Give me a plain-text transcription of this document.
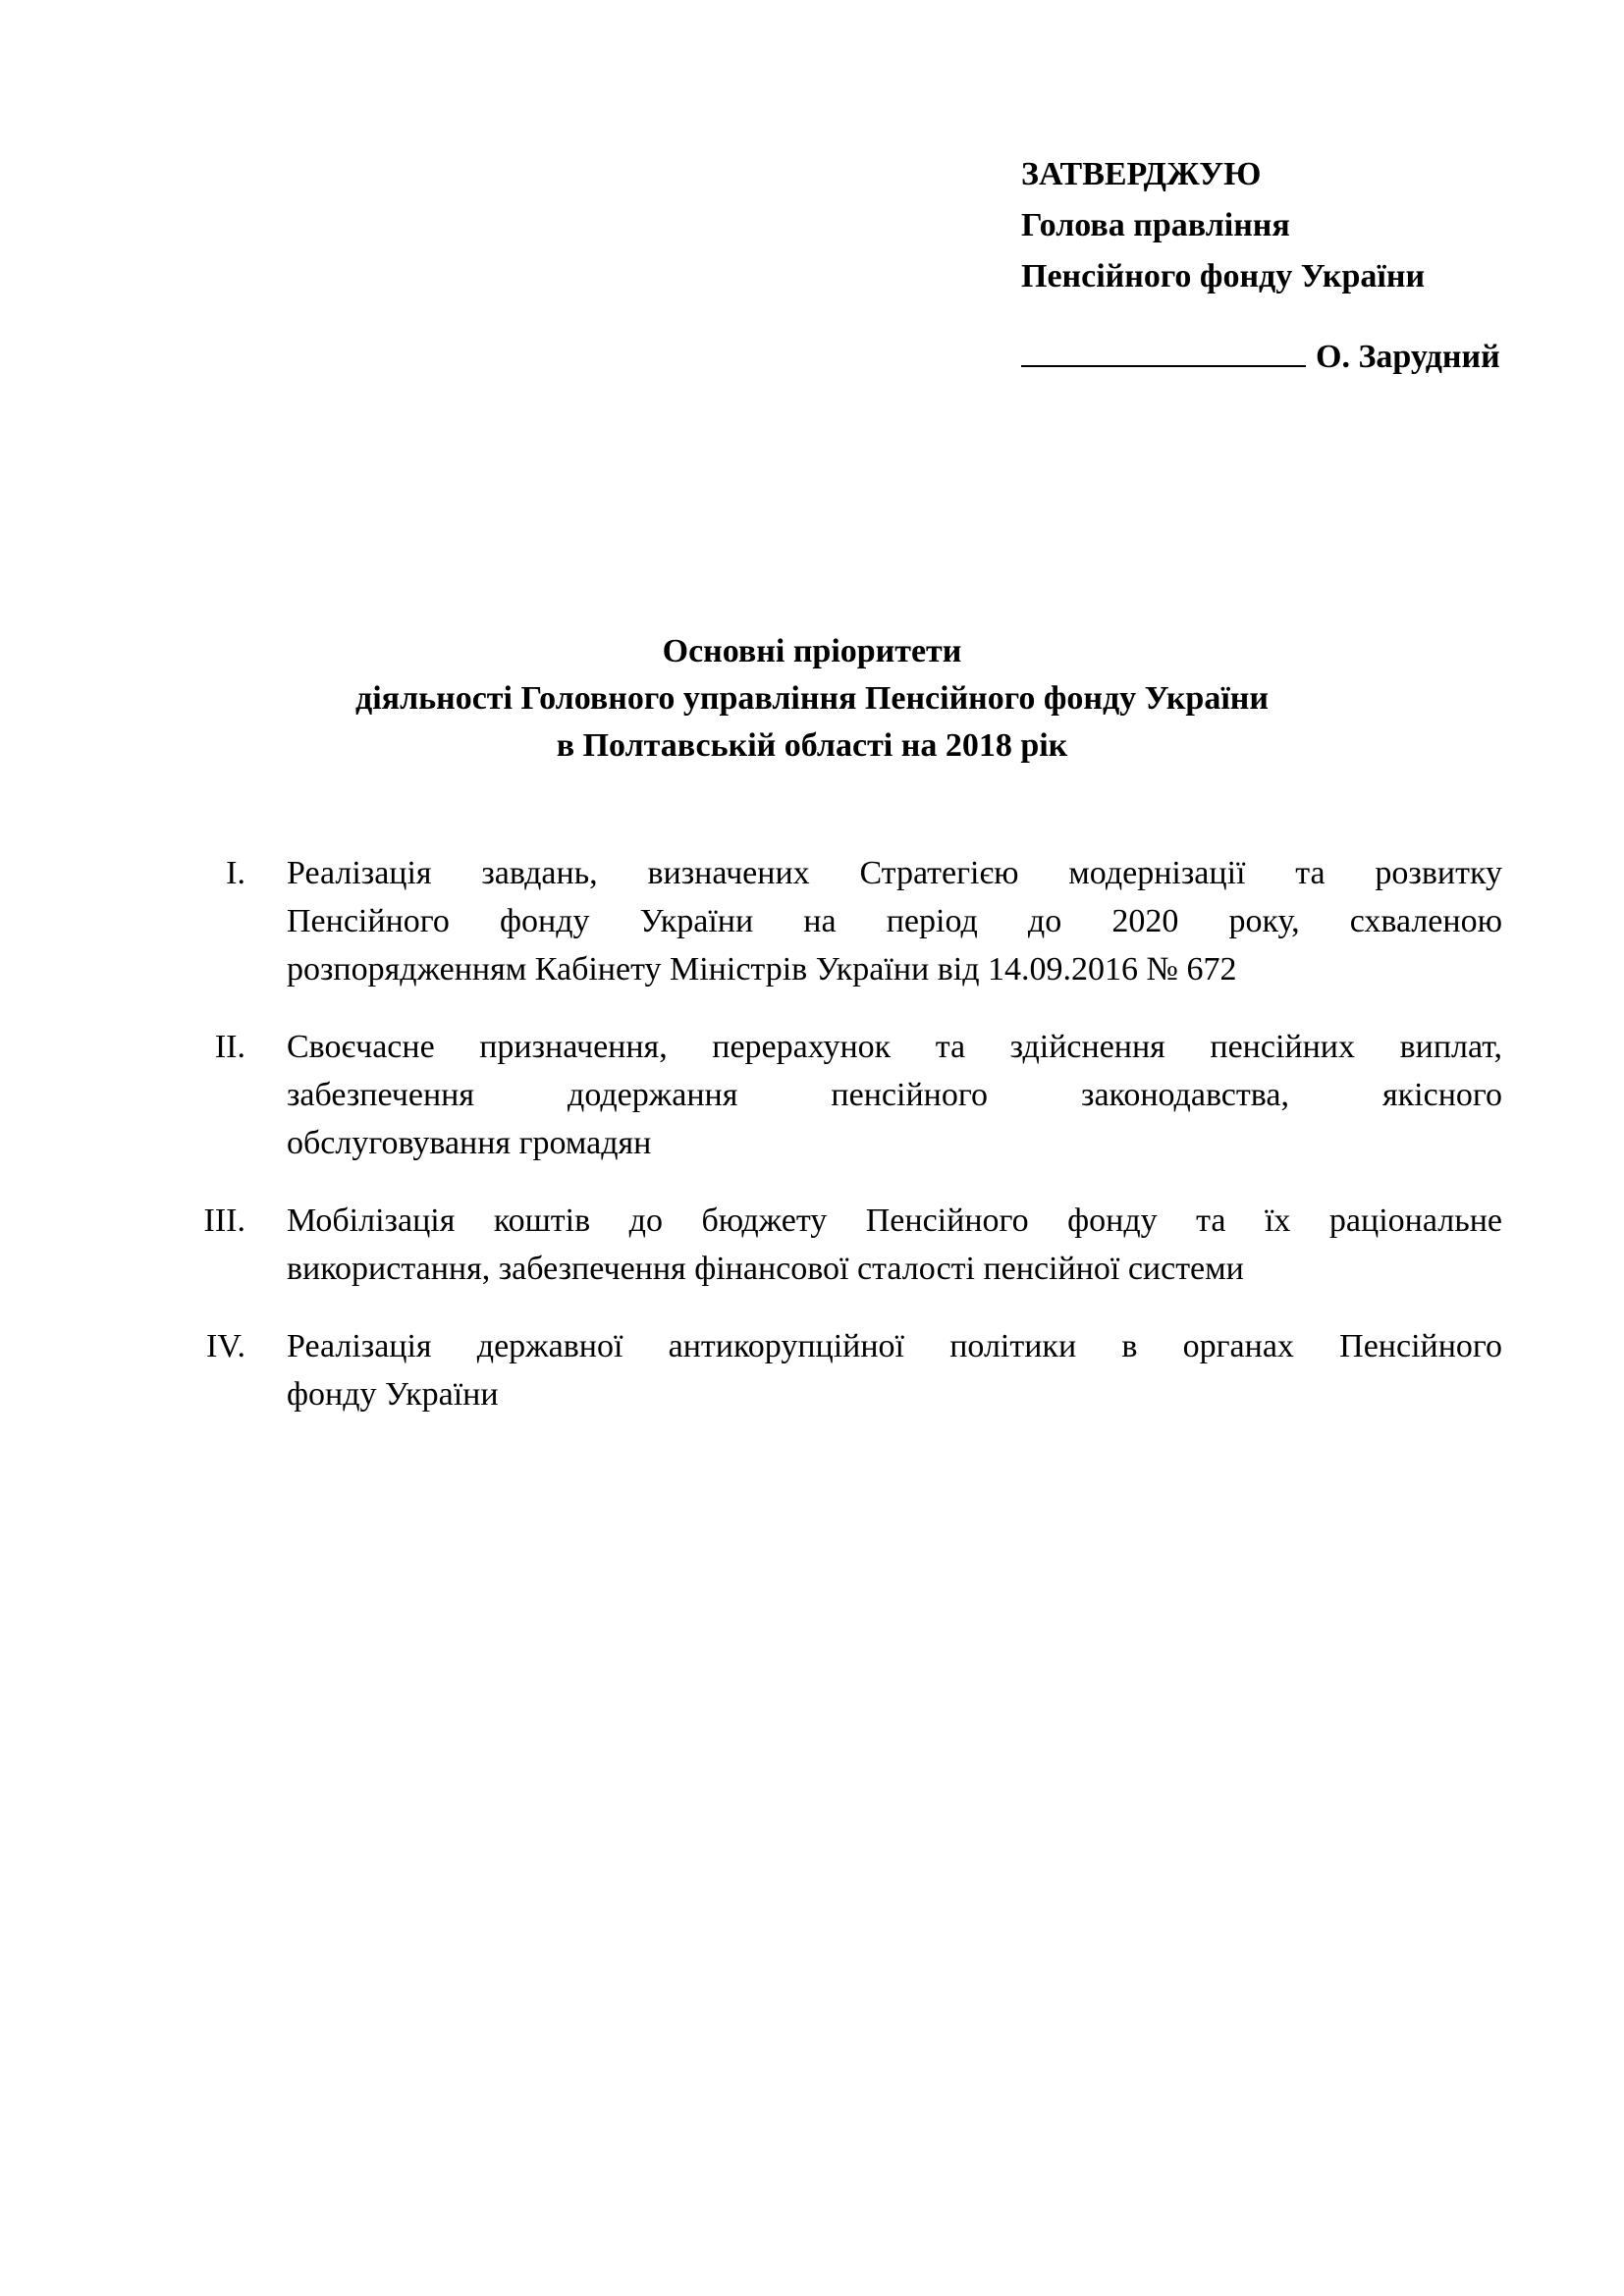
ЗАТВЕРДЖУЮ
Голова правління
Пенсійного фонду України
О. Зарудний
Основні пріоритети
діяльності Головного управління Пенсійного фонду України
в Полтавській області на 2018 рік
I. Реалізація завдань, визначених Стратегією модернізації та розвитку
Пенсійного фонду України на період до 2020 року, схваленою
розпорядженням Кабінету Міністрів України від 14.09.2016 № 672
II. Своєчасне призначення, перерахунок та здійснення пенсійних виплат,
забезпечення додержання пенсійного законодавства, якісного
обслуговування громадян
III. Мобілізація коштів до бюджету Пенсійного фонду та їх раціональне
використання, забезпечення фінансової сталості пенсійної системи
IV. Реалізація державної антикорупційної політики в органах Пенсійного
фонду України
